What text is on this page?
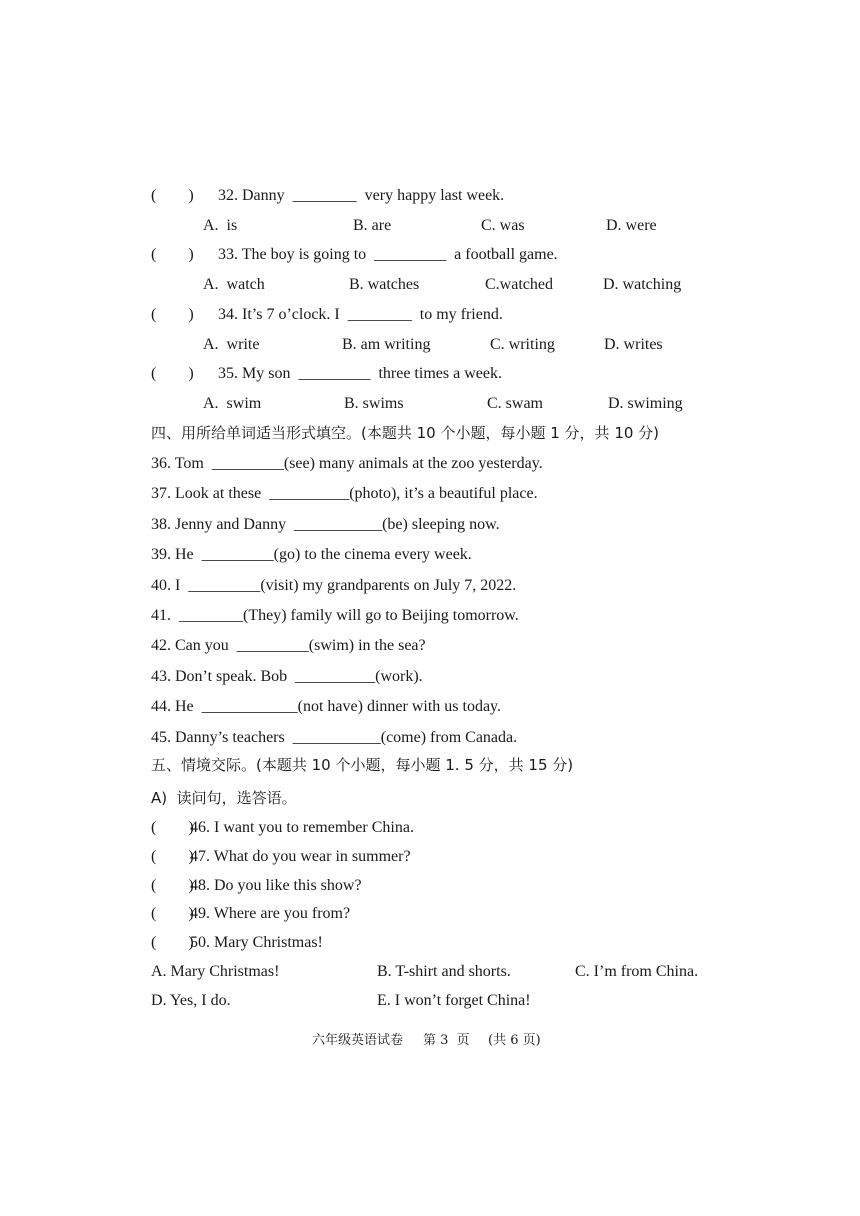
(        ) 32. Danny  ________  very happy last week.
A.  is	B. are	C. was	D. were
(        ) 33. The boy is going to  _________  a football game.
A.  watch	B. watches	C.watched	D. watching
(        ) 34. It’s 7 o’clock. I  ________  to my friend.
A.  write	B. am writing	C. writing	D. writes
(        ) 35. My son  _________  three times a week.
A.  swim	B. swims	C. swam	D. swiming
四、用所给单词适当形式填空。(本题共 10 个小题，每小题 1 分，共 10 分)
36. Tom  _________(see) many animals at the zoo yesterday.
37. Look at these  __________(photo), it’s a beautiful place.
38. Jenny and Danny  ___________(be) sleeping now.
39. He  _________(go) to the cinema every week.
40. I  _________(visit) my grandparents on July 7, 2022.
41.  ________(They) family will go to Beijing tomorrow.
42. Can you  _________(swim) in the sea?
43. Don’t speak. Bob  __________(work).
44. He  ____________(not have) dinner with us today.
45. Danny’s teachers  ___________(come) from Canada.
五、情境交际。(本题共 10 个小题，每小题 1. 5 分，共 15 分)
A)  读问句，选答语。
(        )
46. I want you to remember China.
(        )
47. What do you wear in summer?
(        )
48. Do you like this show?
(        )
49. Where are you from?
(        )
50. Mary Christmas!
A. Mary Christmas!	B. T-shirt and shorts.	C. I’m from China.
D. Yes, I do.	E. I won’t forget China!
六年级英语试卷 第 3  页 (共 6 页)
